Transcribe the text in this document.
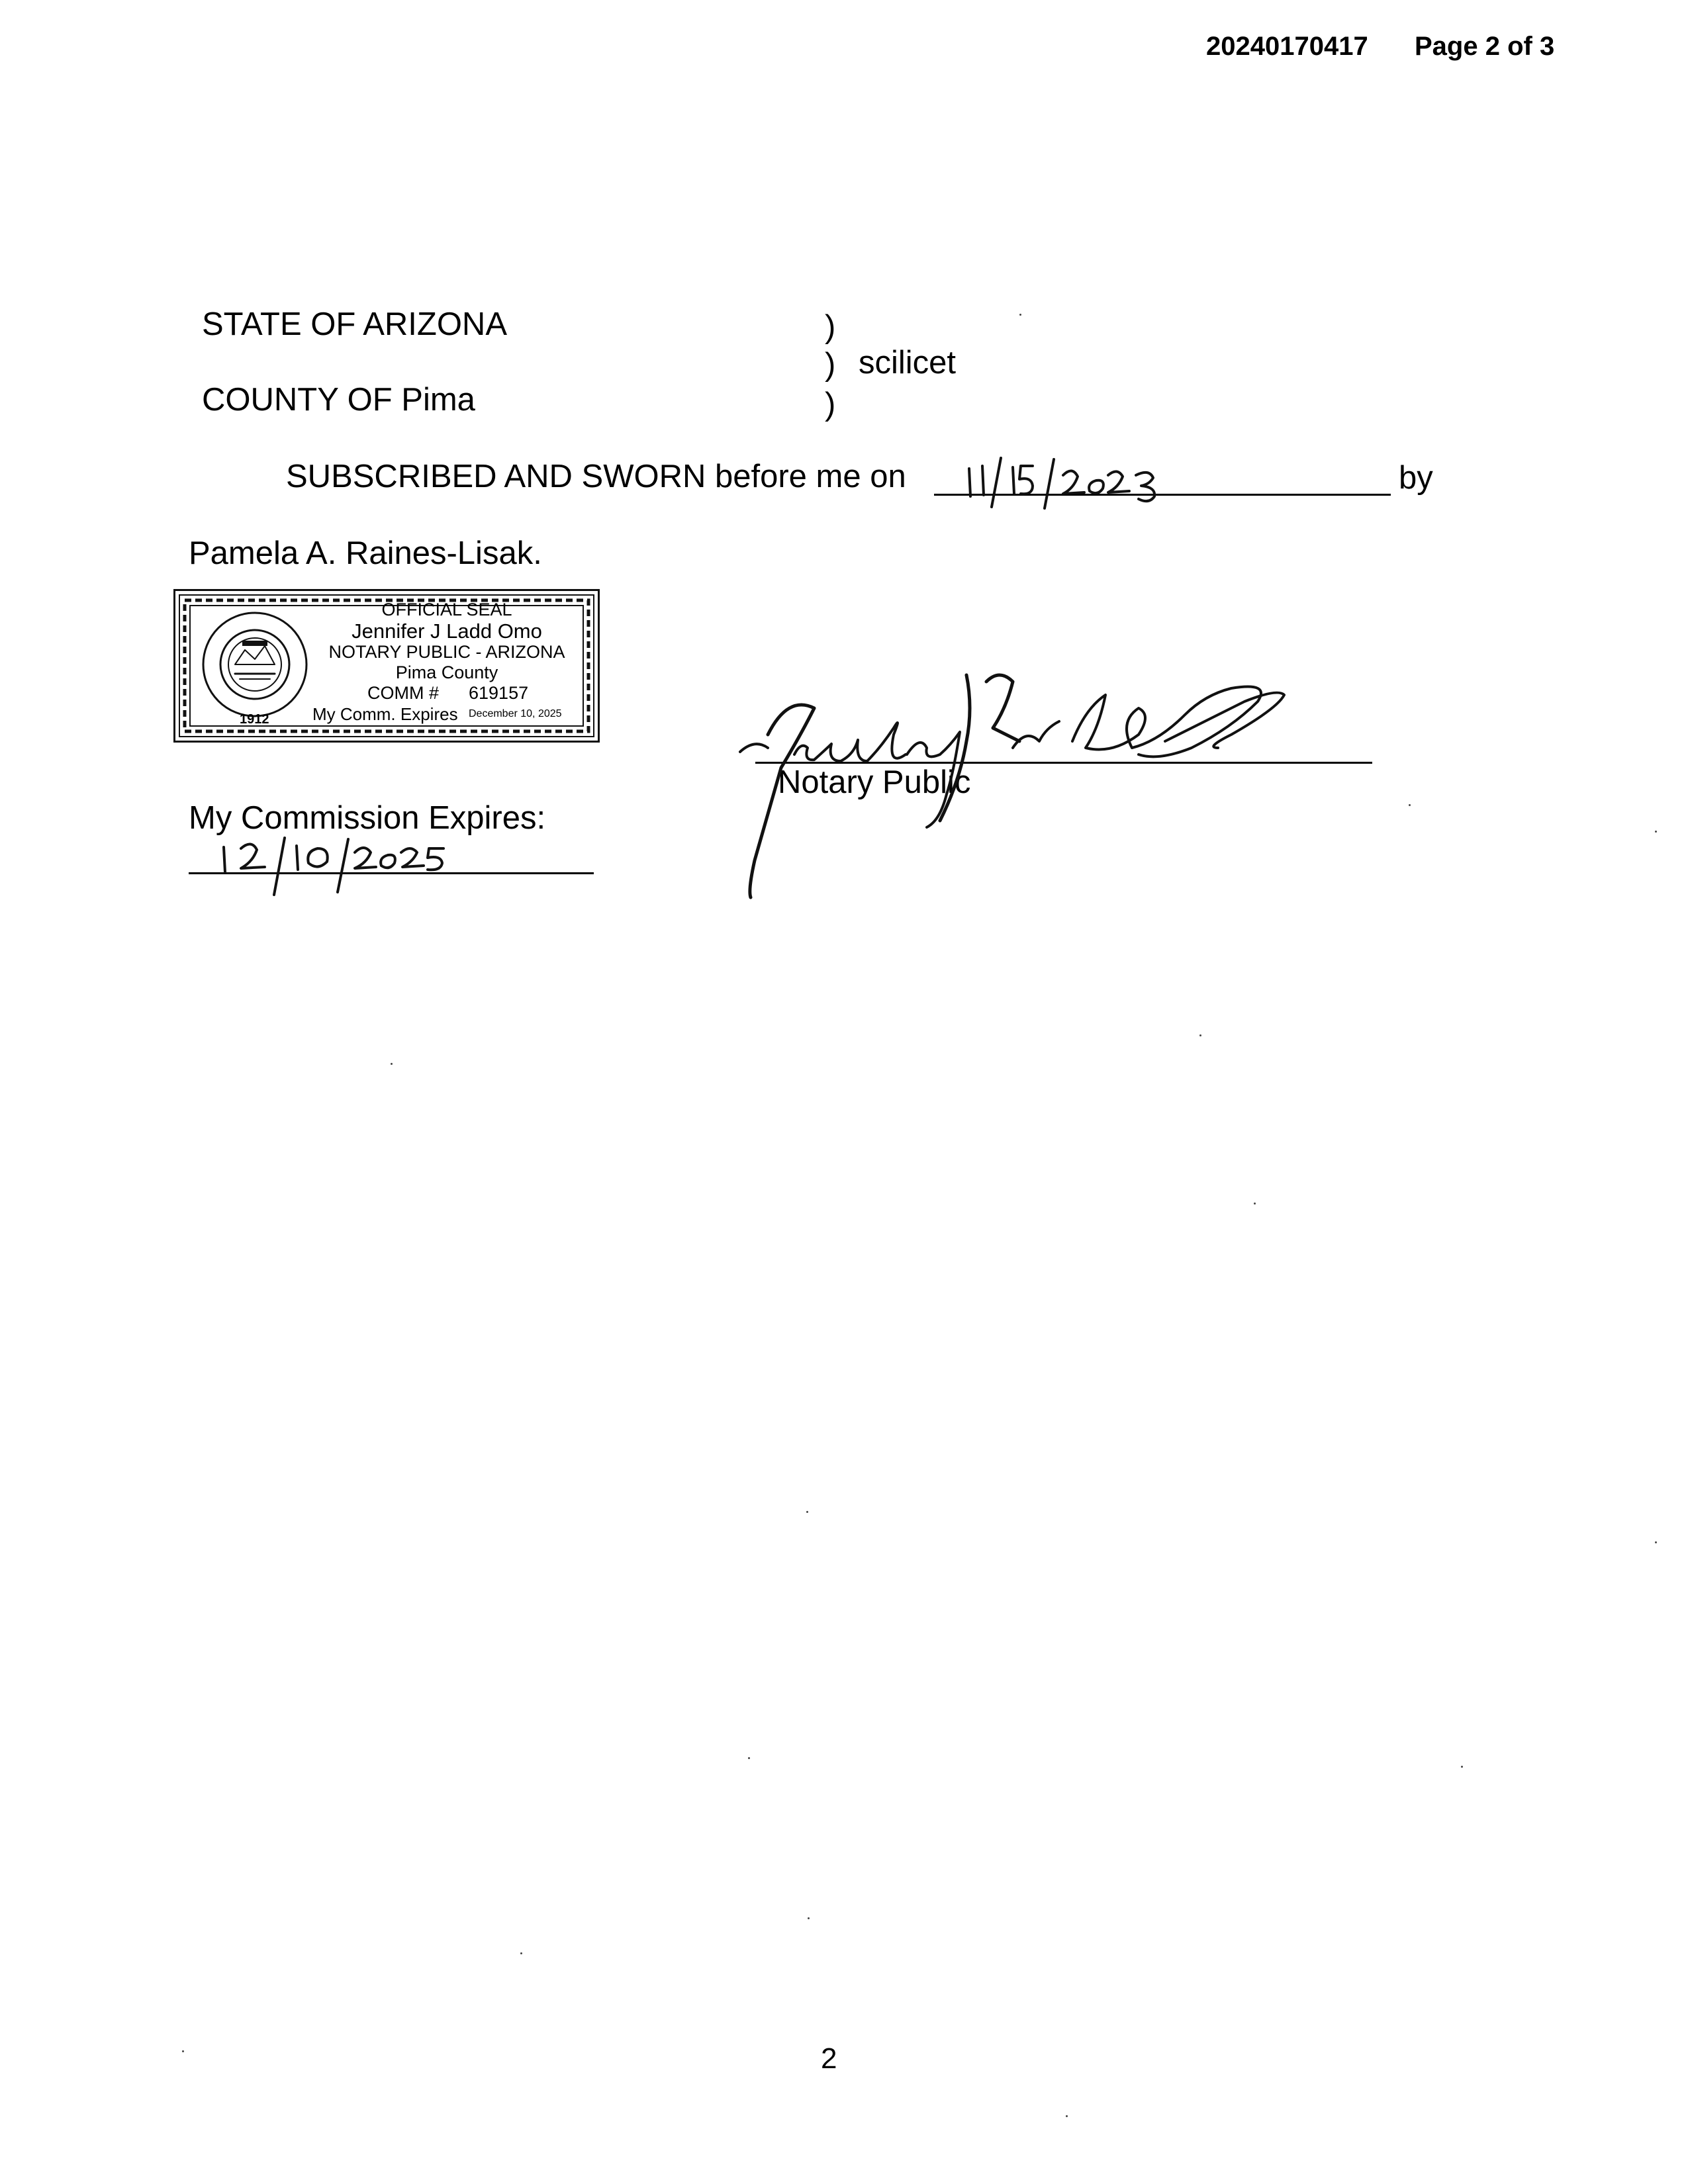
20240170417 Page 2 of 3
STATE OF ARIZONA
COUNTY OF Pima
)
) scilicet
)
SUBSCRIBED AND SWORN before me on	by
Pamela A. Raines-Lisak.
1912
OFFICIAL SEAL
Jennifer J Ladd Omo
NOTARY PUBLIC - ARIZONA
Pima County
COMM # 619157
My Comm. Expires December 10, 2025
My Commission Expires:
Notary Public
2
